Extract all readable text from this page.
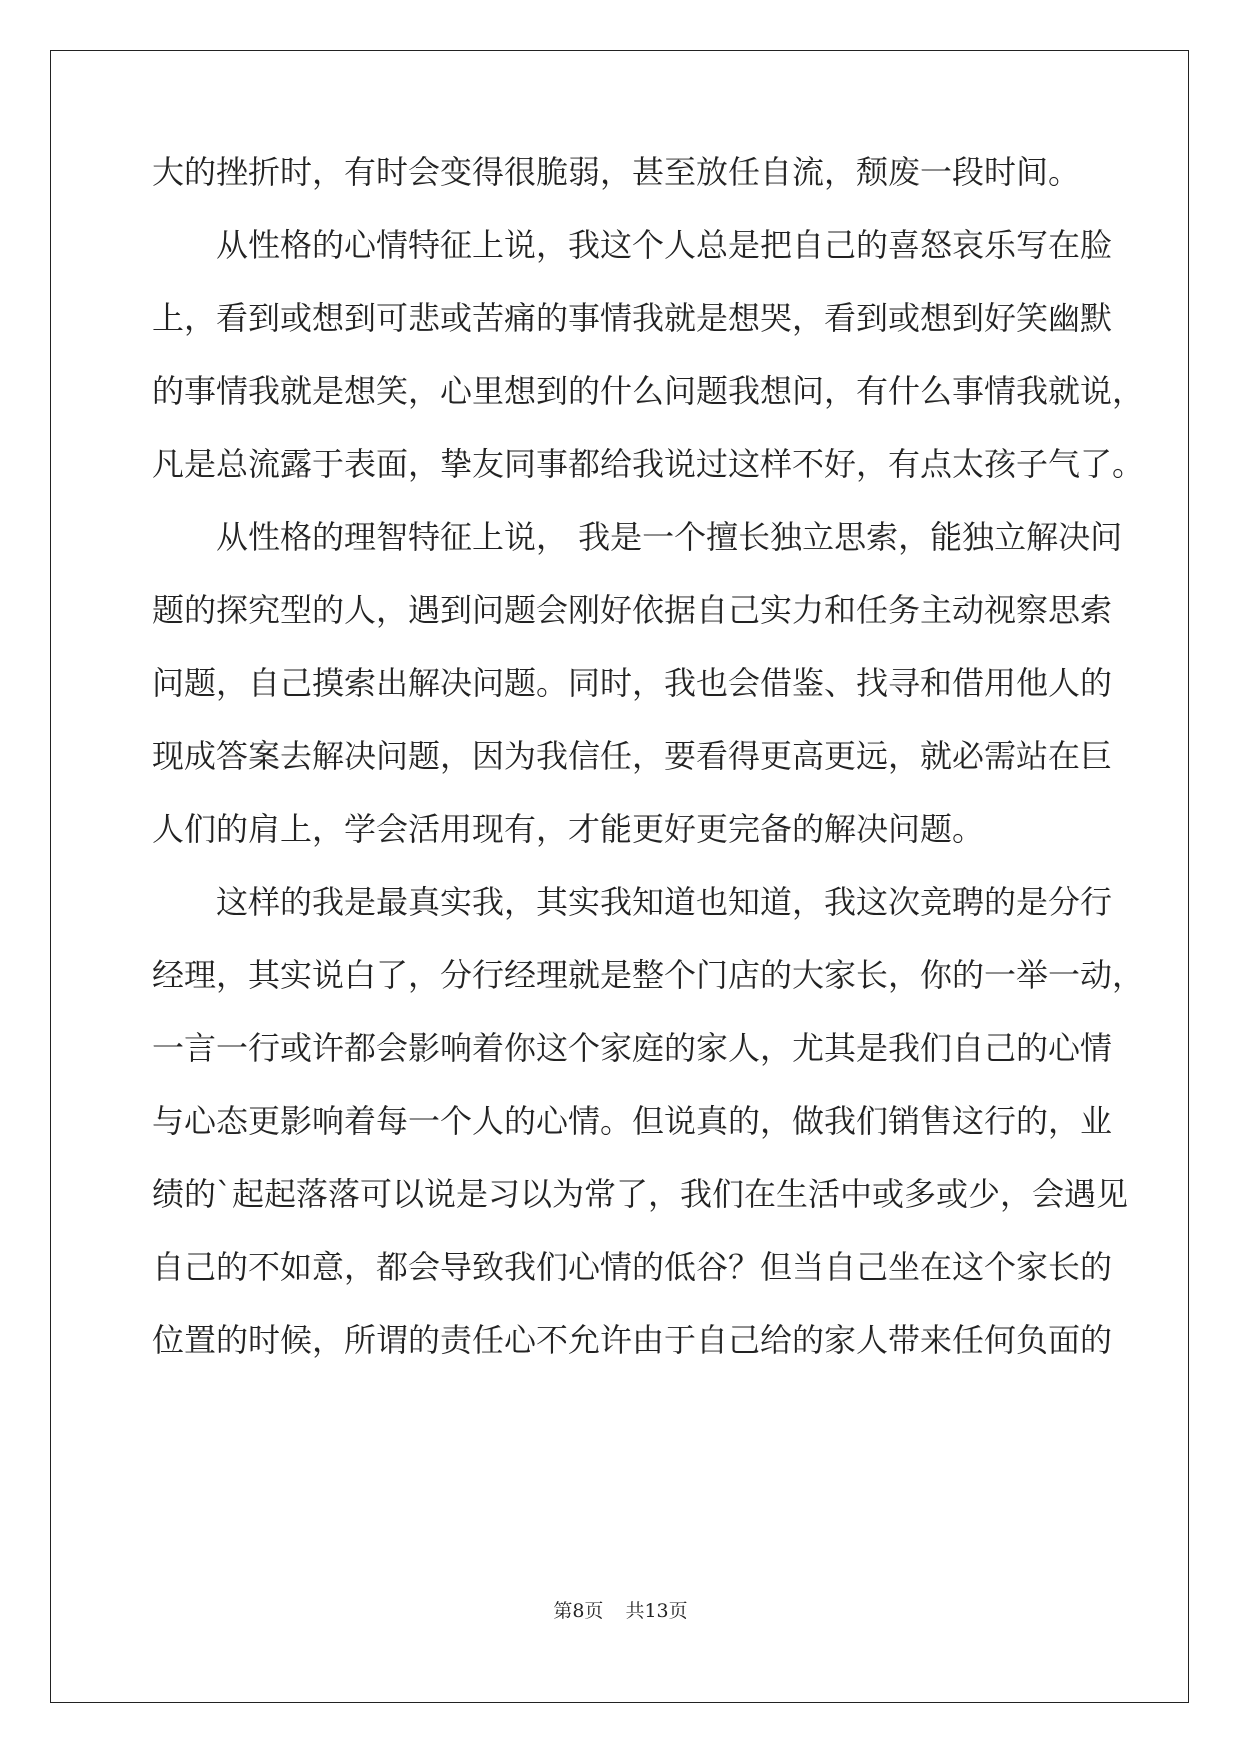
大的挫折时，有时会变得很脆弱，甚至放任自流，颓废一段时间。
从性格的心情特征上说，我这个人总是把自己的喜怒哀乐写在脸
上，看到或想到可悲或苦痛的事情我就是想哭，看到或想到好笑幽默
的事情我就是想笑，心里想到的什么问题我想问，有什么事情我就说，
凡是总流露于表面，挚友同事都给我说过这样不好，有点太孩子气了。
从性格的理智特征上说， 我是一个擅长独立思索，能独立解决问
题的探究型的人，遇到问题会刚好依据自己实力和任务主动视察思索
问题，自己摸索出解决问题。同时，我也会借鉴、找寻和借用他人的
现成答案去解决问题，因为我信任，要看得更高更远，就必需站在巨
人们的肩上，学会活用现有，才能更好更完备的解决问题。
这样的我是最真实我，其实我知道也知道，我这次竞聘的是分行
经理，其实说白了，分行经理就是整个门店的大家长，你的一举一动，
一言一行或许都会影响着你这个家庭的家人，尤其是我们自己的心情
与心态更影响着每一个人的心情。但说真的，做我们销售这行的，业
绩的`起起落落可以说是习以为常了，我们在生活中或多或少，会遇见
自己的不如意，都会导致我们心情的低谷？但当自己坐在这个家长的
位置的时候，所谓的责任心不允许由于自己给的家人带来任何负面的
第8页 共13页
